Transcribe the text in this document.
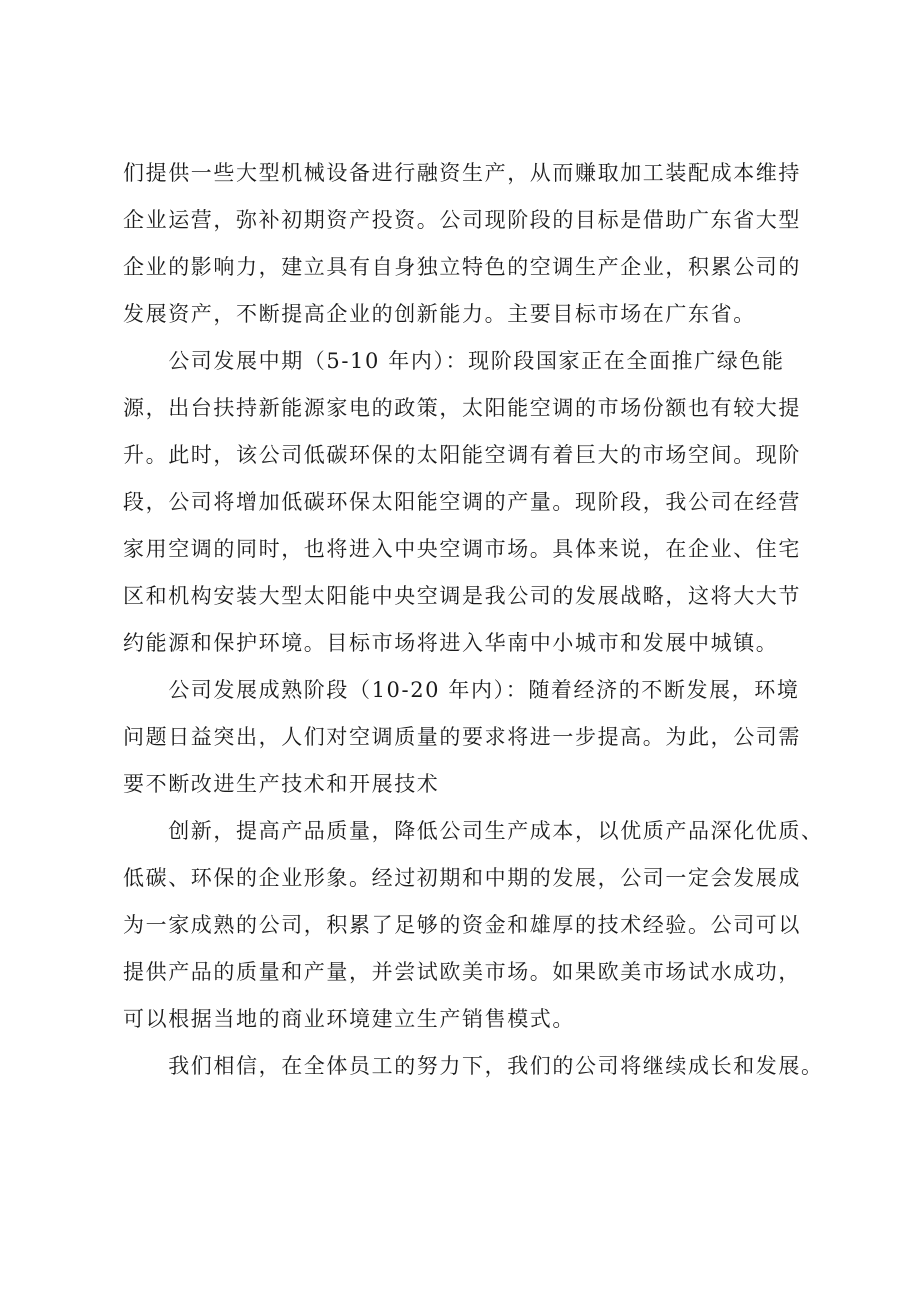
们提供一些大型机械设备进行融资生产，从而赚取加工装配成本维持
企业运营，弥补初期资产投资。公司现阶段的目标是借助广东省大型
企业的影响力，建立具有自身独立特色的空调生产企业，积累公司的
发展资产，不断提高企业的创新能力。主要目标市场在广东省。
　　公司发展中期（5-10 年内）：现阶段国家正在全面推广绿色能
源，出台扶持新能源家电的政策，太阳能空调的市场份额也有较大提
升。此时，该公司低碳环保的太阳能空调有着巨大的市场空间。现阶
段，公司将增加低碳环保太阳能空调的产量。现阶段，我公司在经营
家用空调的同时，也将进入中央空调市场。具体来说，在企业、住宅
区和机构安装大型太阳能中央空调是我公司的发展战略，这将大大节
约能源和保护环境。目标市场将进入华南中小城市和发展中城镇。
　　公司发展成熟阶段（10-20 年内）：随着经济的不断发展，环境
问题日益突出，人们对空调质量的要求将进一步提高。为此，公司需
要不断改进生产技术和开展技术
　　创新，提高产品质量，降低公司生产成本，以优质产品深化优质、
低碳、环保的企业形象。经过初期和中期的发展，公司一定会发展成
为一家成熟的公司，积累了足够的资金和雄厚的技术经验。公司可以
提供产品的质量和产量，并尝试欧美市场。如果欧美市场试水成功，
可以根据当地的商业环境建立生产销售模式。
　　我们相信，在全体员工的努力下，我们的公司将继续成长和发展。
